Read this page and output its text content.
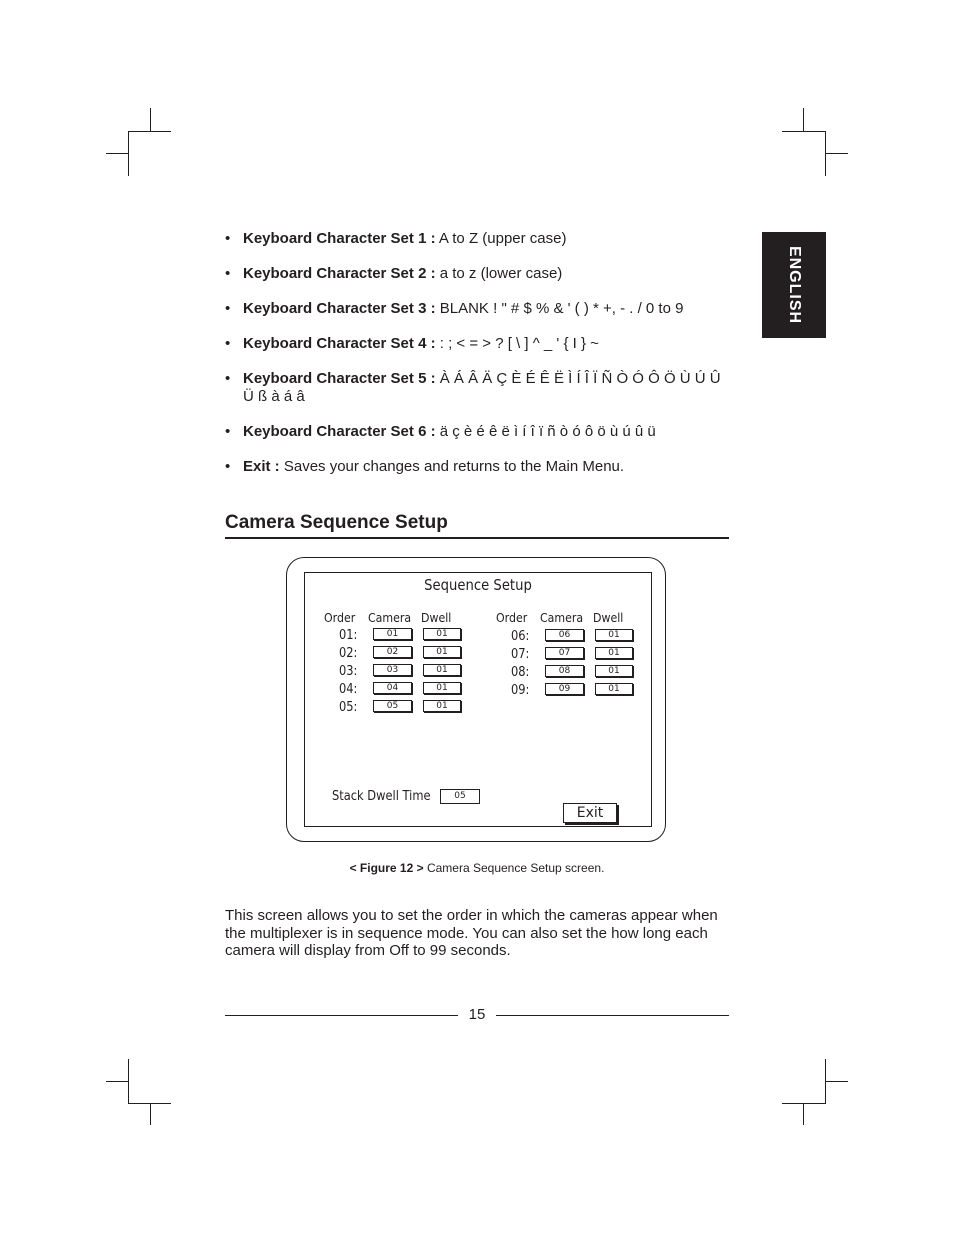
ENGLISH
• Keyboard Character Set 1 : A to Z (upper case)
• Keyboard Character Set 2 : a to z (lower case)
• Keyboard Character Set 3 : BLANK ! " # $ % & ' ( ) * +, - . / 0 to 9
• Keyboard Character Set 4 : : ; < = > ? [ \ ] ^ _ ' { I } ~
• Keyboard Character Set 5 : À Á Â Ä Ç È É Ê Ë Ì Í Î Ï Ñ Ò Ó Ô Ö Ù Ú Û Ü ß à á â
• Keyboard Character Set 6 : ä ç è é ê ë ì í î ï ñ ò ó ô ö ù ú û ü
• Exit : Saves your changes and returns to the Main Menu.
Camera Sequence Setup
Sequence Setup
Order Camera Dwell	Order Camera Dwell
01:	01	01
02:	02	01
03:	03	01
04:	04	01
05:	05	01
06:	06	01
07:	07	01
08:	08	01
09:	09	01
Stack Dwell Time	05
Exit
< Figure 12 > Camera Sequence Setup screen.
This screen allows you to set the order in which the cameras appear when the multiplexer is in sequence mode. You can also set the how long each camera will display from Off to 99 seconds.
15
